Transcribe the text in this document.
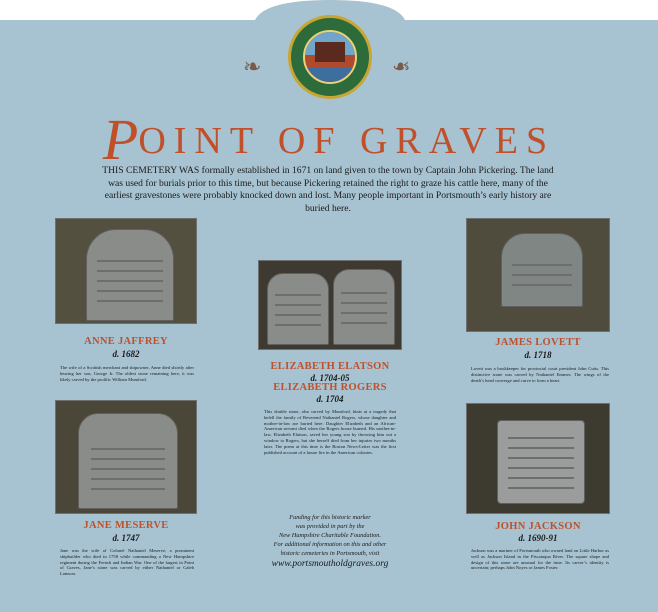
❧	❧
POINT OF GRAVES
THIS CEMETERY WAS formally established in 1671 on land given to the town by Captain John Pickering. The land was used for burials prior to this time, but because Pickering retained the right to graze his cattle here, many of the earliest gravestones were probably knocked down and lost. Many people important in Portsmouth’s early history are buried here.
ANNE JAFFREY
d. 1682
The wife of a Scottish merchant and shipowner, Anne died shortly after bearing her son, George Jr. The oldest stone remaining here, it was likely carved by the prolific William Mumford.
ELIZABETH ELATSON
d. 1704-05
ELIZABETH ROGERS
d. 1704
This double stone, also carved by Mumford, hints at a tragedy that befell the family of Reverend Nathaniel Rogers, whose daughter and mother-in-law are buried here. Daughter Elizabeth and an African-American servant died when the Rogers house burned. His mother-in-law, Elizabeth Elatson, saved her young son by throwing him out a window to Rogers, but she herself died from her injuries two months later. The poem at this time is the Boston News-Letter was the first published account of a house fire in the American colonies.
JAMES LOVETT
d. 1718
Lovett was a bookkeeper for provincial court president John Cutts. This distinctive stone was carved by Nathaniel Emmes. The wings of the death’s head converge and curve to form a heart.
JANE MESERVE
d. 1747
Jane was the wife of Colonel Nathaniel Meserve, a prominent shipbuilder who died in 1758 while commanding a New Hampshire regiment during the French and Indian War. One of the largest in Point of Graves, Jane’s stone was carved by either Nathaniel or Caleb Lamson.
JOHN JACKSON
d. 1690-91
Jackson was a mariner of Portsmouth who owned land on Little Harbor as well as Jackson Island in the Piscataqua River. The square shape and design of this stone are unusual for the time. Its carver’s identity is uncertain; perhaps John Noyes or James Foster.
Funding for this historic marker
was provided in part by the
New Hampshire Charitable Foundation.
For additional information on this and other
historic cemeteries in Portsmouth, visit
www.portsmoutholdgraves.org
